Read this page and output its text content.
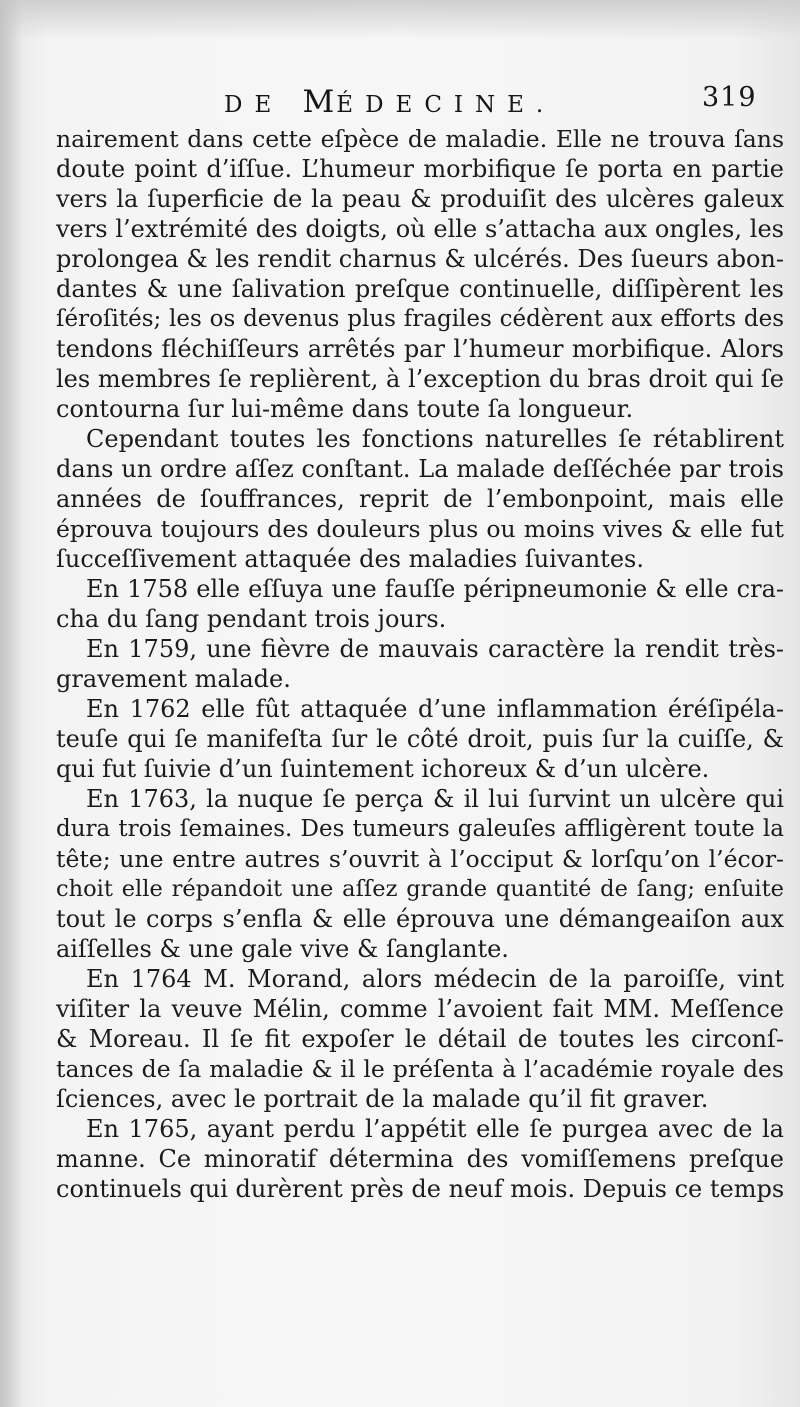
DE MÉDECINE.	319
nairement dans cette eſpèce de maladie. Elle ne trouva ſans
doute point d’iſſue. L’humeur morbifique ſe porta en partie
vers la ſuperficie de la peau & produiſit des ulcères galeux
vers l’extrémité des doigts, où elle s’attacha aux ongles, les
prolongea & les rendit charnus & ulcérés. Des ſueurs abon-
dantes & une ſalivation preſque continuelle, diſſipèrent les
ſéroſités; les os devenus plus fragiles cédèrent aux efforts des
tendons fléchiſſeurs arrêtés par l’humeur morbifique. Alors
les membres ſe replièrent, à l’exception du bras droit qui ſe
contourna ſur lui-même dans toute ſa longueur.
Cependant toutes les fonctions naturelles ſe rétablirent
dans un ordre aſſez conſtant. La malade deſſéchée par trois
années de ſouffrances, reprit de l’embonpoint, mais elle
éprouva toujours des douleurs plus ou moins vives & elle fut
ſucceſſivement attaquée des maladies ſuivantes.
En 1758 elle eſſuya une fauſſe péripneumonie & elle cra-
cha du ſang pendant trois jours.
En 1759, une fièvre de mauvais caractère la rendit très-
gravement malade.
En 1762 elle fût attaquée d’une inflammation éréſipéla-
teuſe qui ſe manifeſta ſur le côté droit, puis ſur la cuiſſe, &
qui fut ſuivie d’un ſuintement ichoreux & d’un ulcère.
En 1763, la nuque ſe perça & il lui ſurvint un ulcère qui
dura trois ſemaines. Des tumeurs galeuſes affligèrent toute la
tête; une entre autres s’ouvrit à l’occiput & lorſqu’on l’écor-
choit elle répandoit une aſſez grande quantité de ſang; enſuite
tout le corps s’enfla & elle éprouva une démangeaiſon aux
aiſſelles & une gale vive & ſanglante.
En 1764 M. Morand, alors médecin de la paroiſſe, vint
viſiter la veuve Mélin, comme l’avoient fait MM. Meſſence
& Moreau. Il ſe fit expoſer le détail de toutes les circonſ-
tances de ſa maladie & il le préſenta à l’académie royale des
ſciences, avec le portrait de la malade qu’il fit graver.
En 1765, ayant perdu l’appétit elle ſe purgea avec de la
manne. Ce minoratif détermina des vomiſſemens preſque
continuels qui durèrent près de neuf mois. Depuis ce temps
